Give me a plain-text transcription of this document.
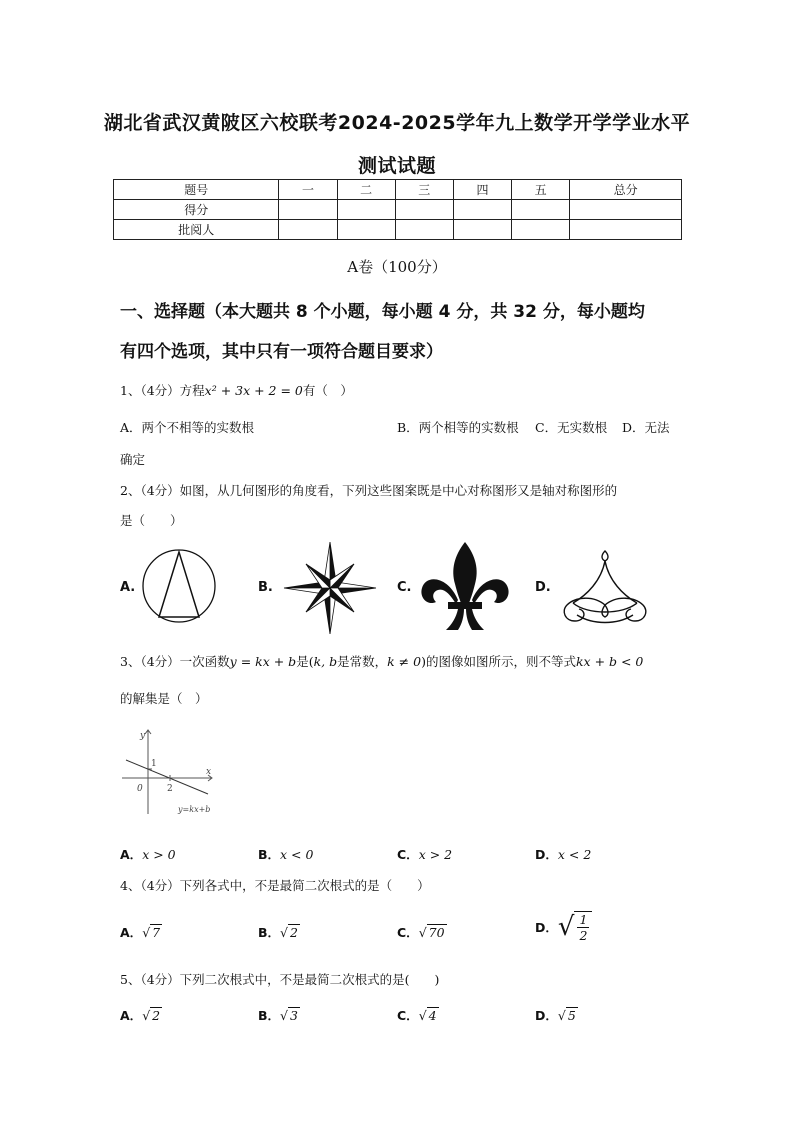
湖北省武汉黄陂区六校联考2024-2025学年九上数学开学学业水平
测试试题
题号	一	二	三	四	五	总分
得分						
批阅人						
A卷（100分）
一、选择题（本大题共 8 个小题，每小题 4 分，共 32 分，每小题均
有四个选项，其中只有一项符合题目要求）
1、（4分）方程x² + 3x + 2 = 0有（　）
A．两个不相等的实数根	B．两个相等的实数根 C．无实数根 D．无法
确定
2、（4分）如图，从几何图形的角度看，下列这些图案既是中心对称图形又是轴对称图形的
是（　　）
A.	B.	C.	D.
3、（4分）一次函数y = kx + b是(k, b是常数，k ≠ 0)的图像如图所示，则不等式kx + b < 0
的解集是（　）
y
x
0
1
2
y=kx+b
A．x > 0	B．x < 0	C．x > 2	D．x < 2
4、（4分）下列各式中，不是最简二次根式的是（　　）
A．√ 7	B．√ 2	C．√ 70	D． √ $\frac{1}{2}$
5、（4分）下列二次根式中，不是最简二次根式的是(　　)
A．√ 2	B．√ 3	C．√ 4	D．√ 5
